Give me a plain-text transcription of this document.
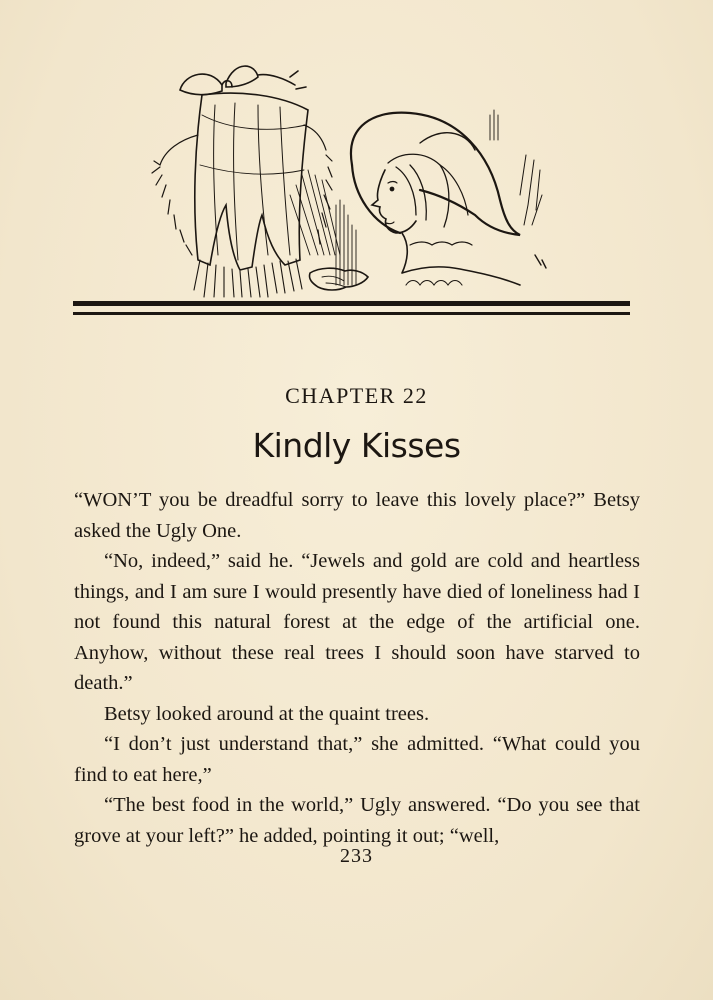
CHAPTER 22
Kindly Kisses

“WON’T you be dreadful sorry to leave this lovely place?” Betsy asked the Ugly One.

“No, indeed,” said he. “Jewels and gold are cold and heartless things, and I am sure I would presently have died of loneliness had I not found this natural forest at the edge of the artificial one. Anyhow, without these real trees I should soon have starved to death.”

Betsy looked around at the quaint trees.

“I don’t just understand that,” she admitted. “What could you find to eat here,”

“The best food in the world,” Ugly answered. “Do you see that grove at your left?” he added, pointing it out; “well,

233
